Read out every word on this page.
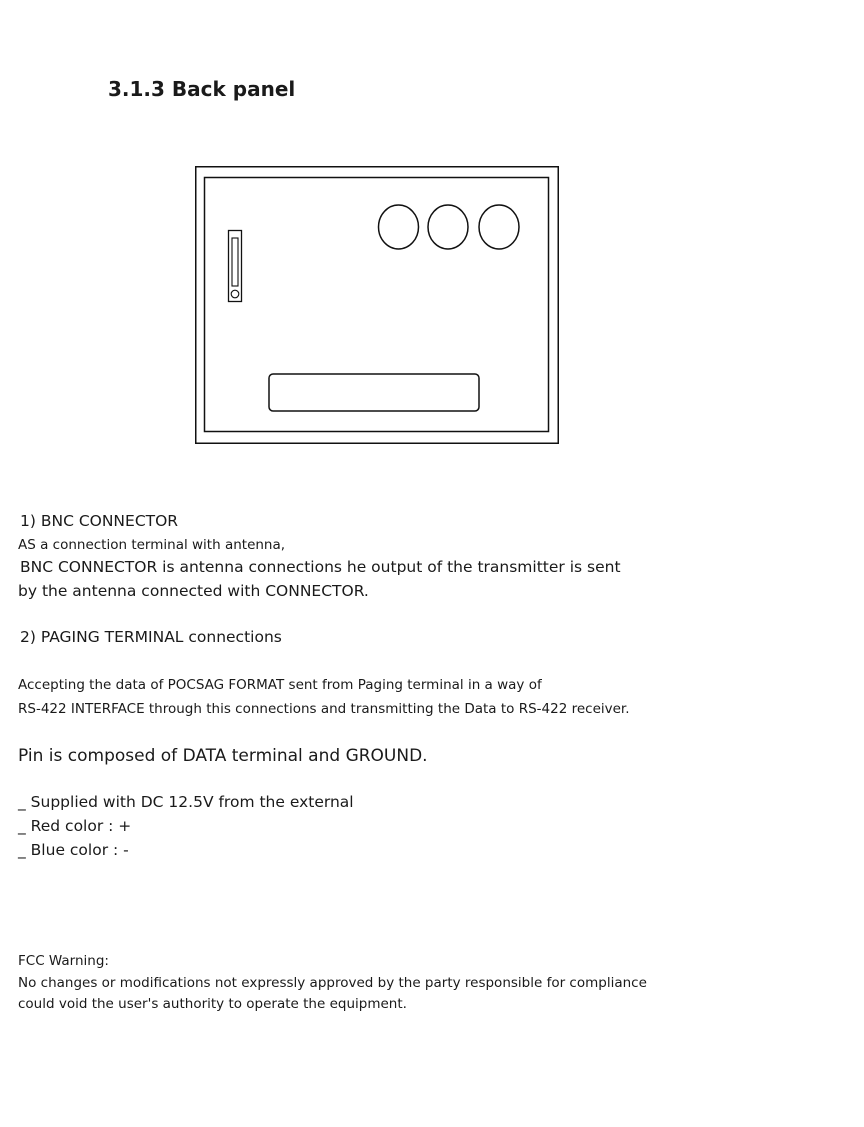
3.1.3 Back panel

1) BNC CONNECTOR

AS a connection terminal with antenna,

BNC CONNECTOR is antenna connections he output of the transmitter is sent

by the antenna connected with CONNECTOR.

2) PAGING TERMINAL connections

Accepting the data of POCSAG FORMAT sent from Paging terminal in a way of

RS-422 INTERFACE through this connections and transmitting the Data to RS-422 receiver.

Pin is composed of DATA terminal and GROUND.

_ Supplied with DC 12.5V from the external

_ Red color : +

_ Blue color : -

FCC Warning:

No changes or modifications not expressly approved by the party responsible for compliance

could void the user's authority to operate the equipment.
